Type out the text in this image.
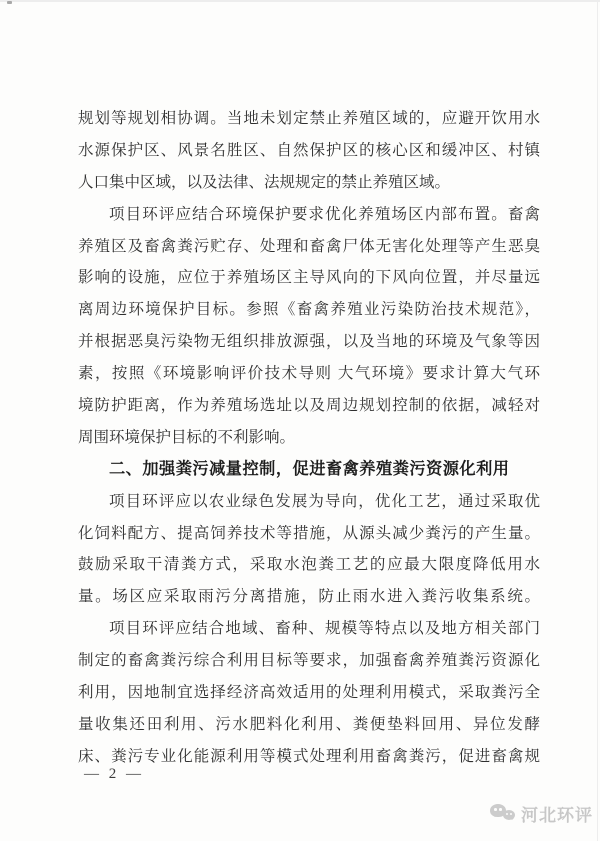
规划等规划相协调。当地未划定禁止养殖区域的，应避开饮用水
水源保护区、风景名胜区、自然保护区的核心区和缓冲区、村镇
人口集中区域，以及法律、法规规定的禁止养殖区域。
项目环评应结合环境保护要求优化养殖场区内部布置。畜禽
养殖区及畜禽粪污贮存、处理和畜禽尸体无害化处理等产生恶臭
影响的设施，应位于养殖场区主导风向的下风向位置，并尽量远
离周边环境保护目标。参照《畜禽养殖业污染防治技术规范》，
并根据恶臭污染物无组织排放源强，以及当地的环境及气象等因
素，按照《环境影响评价技术导则 大气环境》要求计算大气环
境防护距离，作为养殖场选址以及周边规划控制的依据，减轻对
周围环境保护目标的不利影响。
二、加强粪污减量控制，促进畜禽养殖粪污资源化利用
项目环评应以农业绿色发展为导向，优化工艺，通过采取优
化饲料配方、提高饲养技术等措施，从源头减少粪污的产生量。
鼓励采取干清粪方式，采取水泡粪工艺的应最大限度降低用水
量。场区应采取雨污分离措施，防止雨水进入粪污收集系统。
项目环评应结合地域、畜种、规模等特点以及地方相关部门
制定的畜禽粪污综合利用目标等要求，加强畜禽养殖粪污资源化
利用，因地制宜选择经济高效适用的处理利用模式，采取粪污全
量收集还田利用、污水肥料化利用、粪便垫料回用、异位发酵
床、粪污专业化能源利用等模式处理利用畜禽粪污，促进畜禽规
— 2 —
河北环评
